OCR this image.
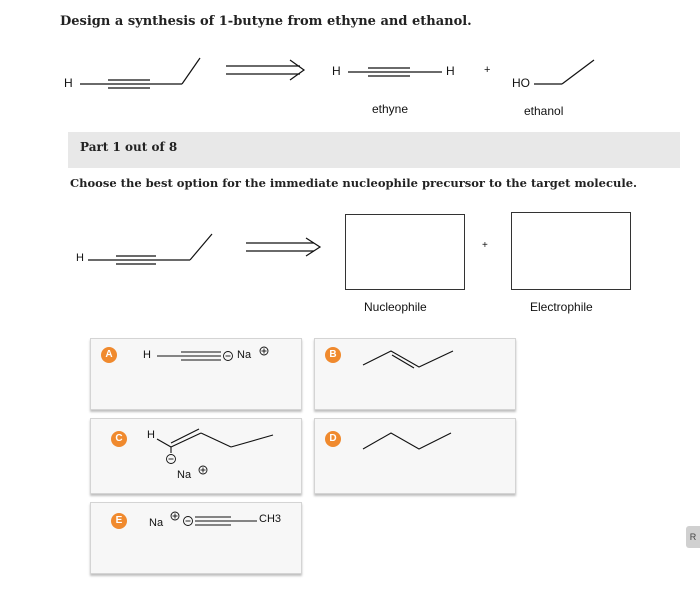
Design a synthesis of 1-butyne from ethyne and ethanol.
H
H	H	+
HO
ethyne	ethanol
Part 1 out of 8
Choose the best option for the immediate nucleophile precursor to the target molecule.
H
+
Nucleophile	Electrophile
A	H	Na	B
C	H
Na
D
E	Na	CH3
R
